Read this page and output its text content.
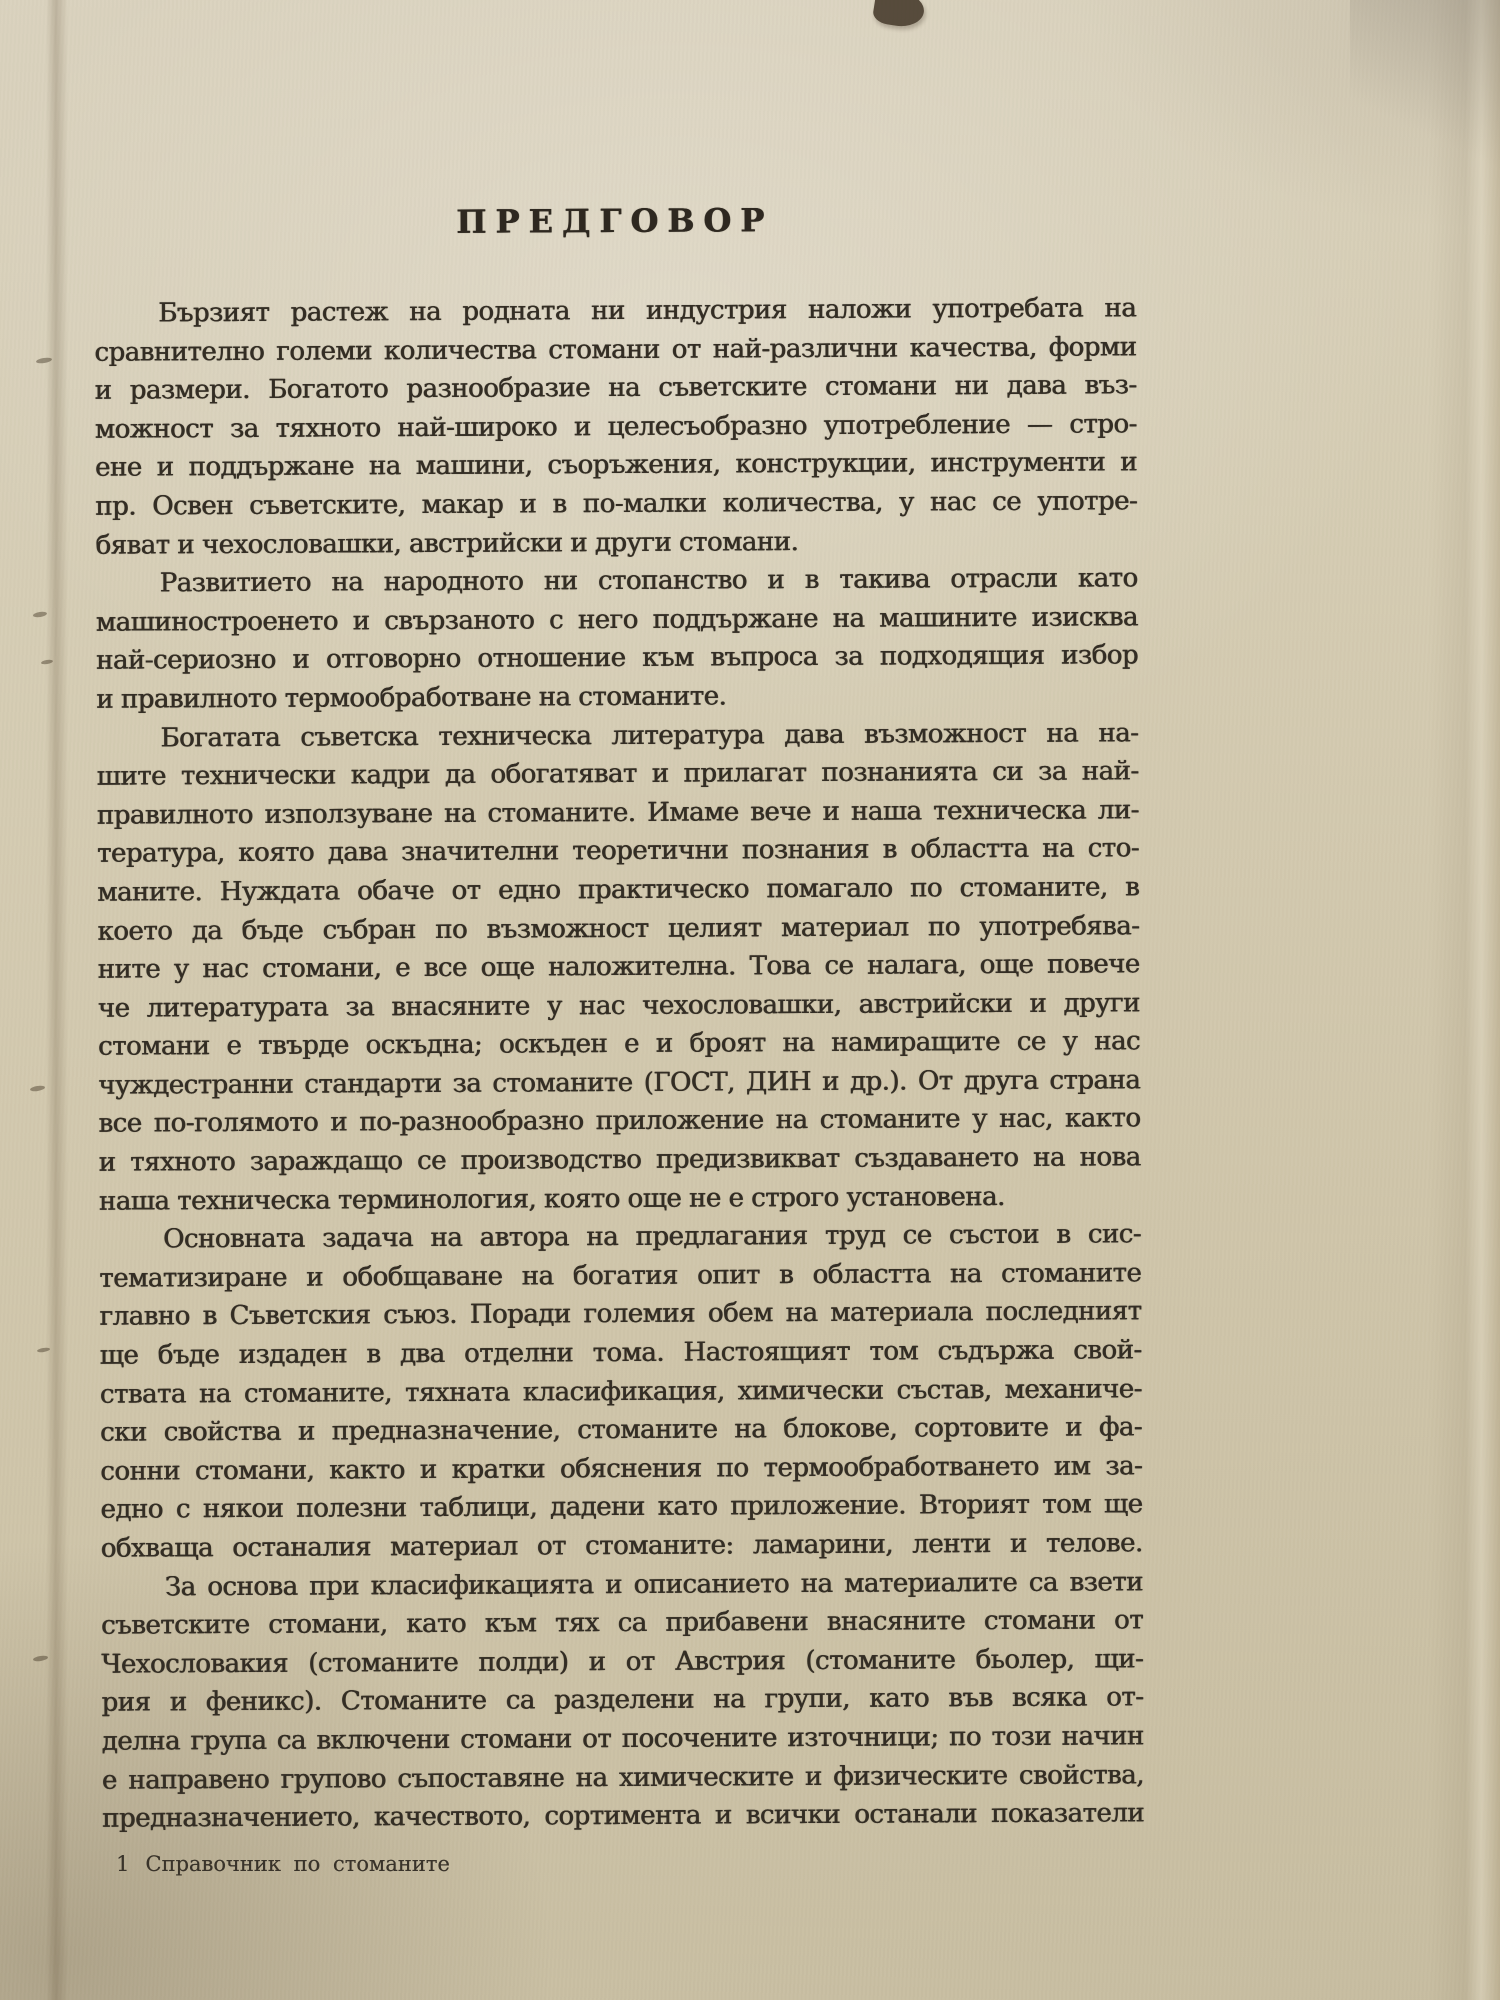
ПРЕДГОВОР
Бързият растеж на родната ни индустрия наложи употребата на
сравнително големи количества стомани от най-различни качества, форми
и размери. Богатото разнообразие на съветските стомани ни дава въз-
можност за тяхното най-широко и целесъобразно употребление — стро-
ене и поддържане на машини, съоръжения, конструкции, инструменти и
пр. Освен съветските, макар и в по-малки количества, у нас се употре-
бяват и чехословашки, австрийски и други стомани.
Развитието на народното ни стопанство и в такива отрасли като
машиностроенето и свързаното с него поддържане на машините изисква
най-сериозно и отговорно отношение към въпроса за подходящия избор
и правилното термообработване на стоманите.
Богатата съветска техническа литература дава възможност на на-
шите технически кадри да обогатяват и прилагат познанията си за най-
правилното използуване на стоманите. Имаме вече и наша техническа ли-
тература, която дава значителни теоретични познания в областта на сто-
маните. Нуждата обаче от едно практическо помагало по стоманите, в
което да бъде събран по възможност целият материал по употребява-
ните у нас стомани, е все още наложителна. Това се налага, още повече
че литературата за внасяните у нас чехословашки, австрийски и други
стомани е твърде оскъдна; оскъден е и броят на намиращите се у нас
чуждестранни стандарти за стоманите (ГОСТ, ДИН и др.). От друга страна
все по-голямото и по-разнообразно приложение на стоманите у нас, както
и тяхното зараждащо се производство предизвикват създаването на нова
наша техническа терминология, която още не е строго установена.
Основната задача на автора на предлагания труд се състои в сис-
тематизиране и обобщаване на богатия опит в областта на стоманите
главно в Съветския съюз. Поради големия обем на материала последният
ще бъде издаден в два отделни тома. Настоящият том съдържа свой-
ствата на стоманите, тяхната класификация, химически състав, механиче-
ски свойства и предназначение, стоманите на блокове, сортовите и фа-
сонни стомани, както и кратки обяснения по термообработването им за-
едно с някои полезни таблици, дадени като приложение. Вторият том ще
обхваща останалия материал от стоманите: ламарини, ленти и телове.
За основа при класификацията и описанието на материалите са взети
съветските стомани, като към тях са прибавени внасяните стомани от
Чехословакия (стоманите полди) и от Австрия (стоманите бьолер, щи-
рия и феникс). Стоманите са разделени на групи, като във всяка от-
делна група са включени стомани от посочените източници; по този начин
е направено групово съпоставяне на химическите и физическите свойства,
предназначението, качеството, сортимента и всички останали показатели
1 Справочник по стоманите
